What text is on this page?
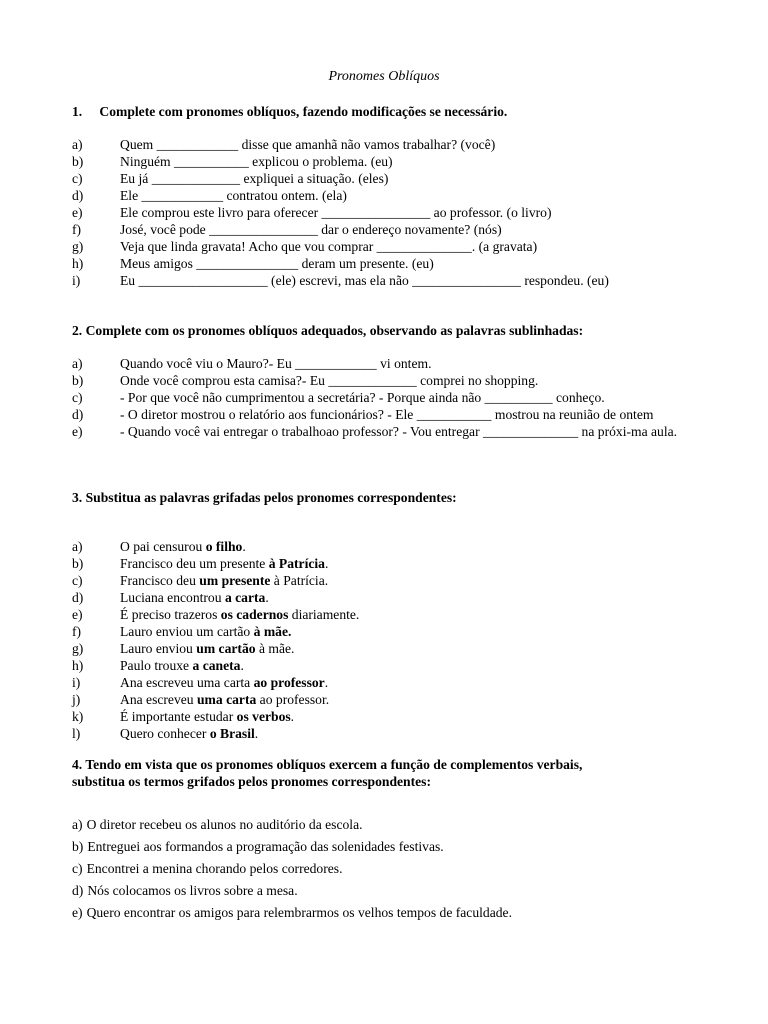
Pronomes Oblíquos
1. Complete com pronomes oblíquos, fazendo modificações se necessário.
a)	Quem ____________ disse que amanhã não vamos trabalhar? (você)
b)	Ninguém ___________ explicou o problema. (eu)
c)	Eu já _____________ expliquei a situação. (eles)
d)	Ele ____________ contratou ontem. (ela)
e)	Ele comprou este livro para oferecer ________________ ao professor. (o livro)
f)	José, você pode ________________ dar o endereço novamente? (nós)
g)	Veja que linda gravata! Acho que vou comprar ______________. (a gravata)
h)	Meus amigos _______________ deram um presente. (eu)
i)	Eu ___________________ (ele) escrevi, mas ela não ________________ respondeu. (eu)
2. Complete com os pronomes oblíquos adequados, observando as palavras sublinhadas:
a)	Quando você viu o Mauro?- Eu ____________ vi ontem.
b)	Onde você comprou esta camisa?- Eu _____________ comprei no shopping.
c)	- Por que você não cumprimentou a secretária? - Porque ainda não __________ conheço.
d)	- O diretor mostrou o relatório aos funcionários? - Ele ___________ mostrou na reunião de ontem
e)	- Quando você vai entregar o trabalhoao professor? - Vou entregar ______________ na próxi-ma aula.
3. Substitua as palavras grifadas pelos pronomes correspondentes:
a)	O pai censurou o filho.
b)	Francisco deu um presente à Patrícia.
c)	Francisco deu um presente à Patrícia.
d)	Luciana encontrou a carta.
e)	É preciso trazeros os cadernos diariamente.
f)	Lauro enviou um cartão à mãe.
g)	Lauro enviou um cartão à mãe.
h)	Paulo trouxe a caneta.
i)	Ana escreveu uma carta ao professor.
j)	Ana escreveu uma carta ao professor.
k)	É importante estudar os verbos.
l)	Quero conhecer o Brasil.
4. Tendo em vista que os pronomes oblíquos exercem a função de complementos verbais,
substitua os termos grifados pelos pronomes correspondentes:
a) O diretor recebeu os alunos no auditório da escola.
b) Entreguei aos formandos a programação das solenidades festivas.
c) Encontrei a menina chorando pelos corredores.
d) Nós colocamos os livros sobre a mesa.
e) Quero encontrar os amigos para relembrarmos os velhos tempos de faculdade.
